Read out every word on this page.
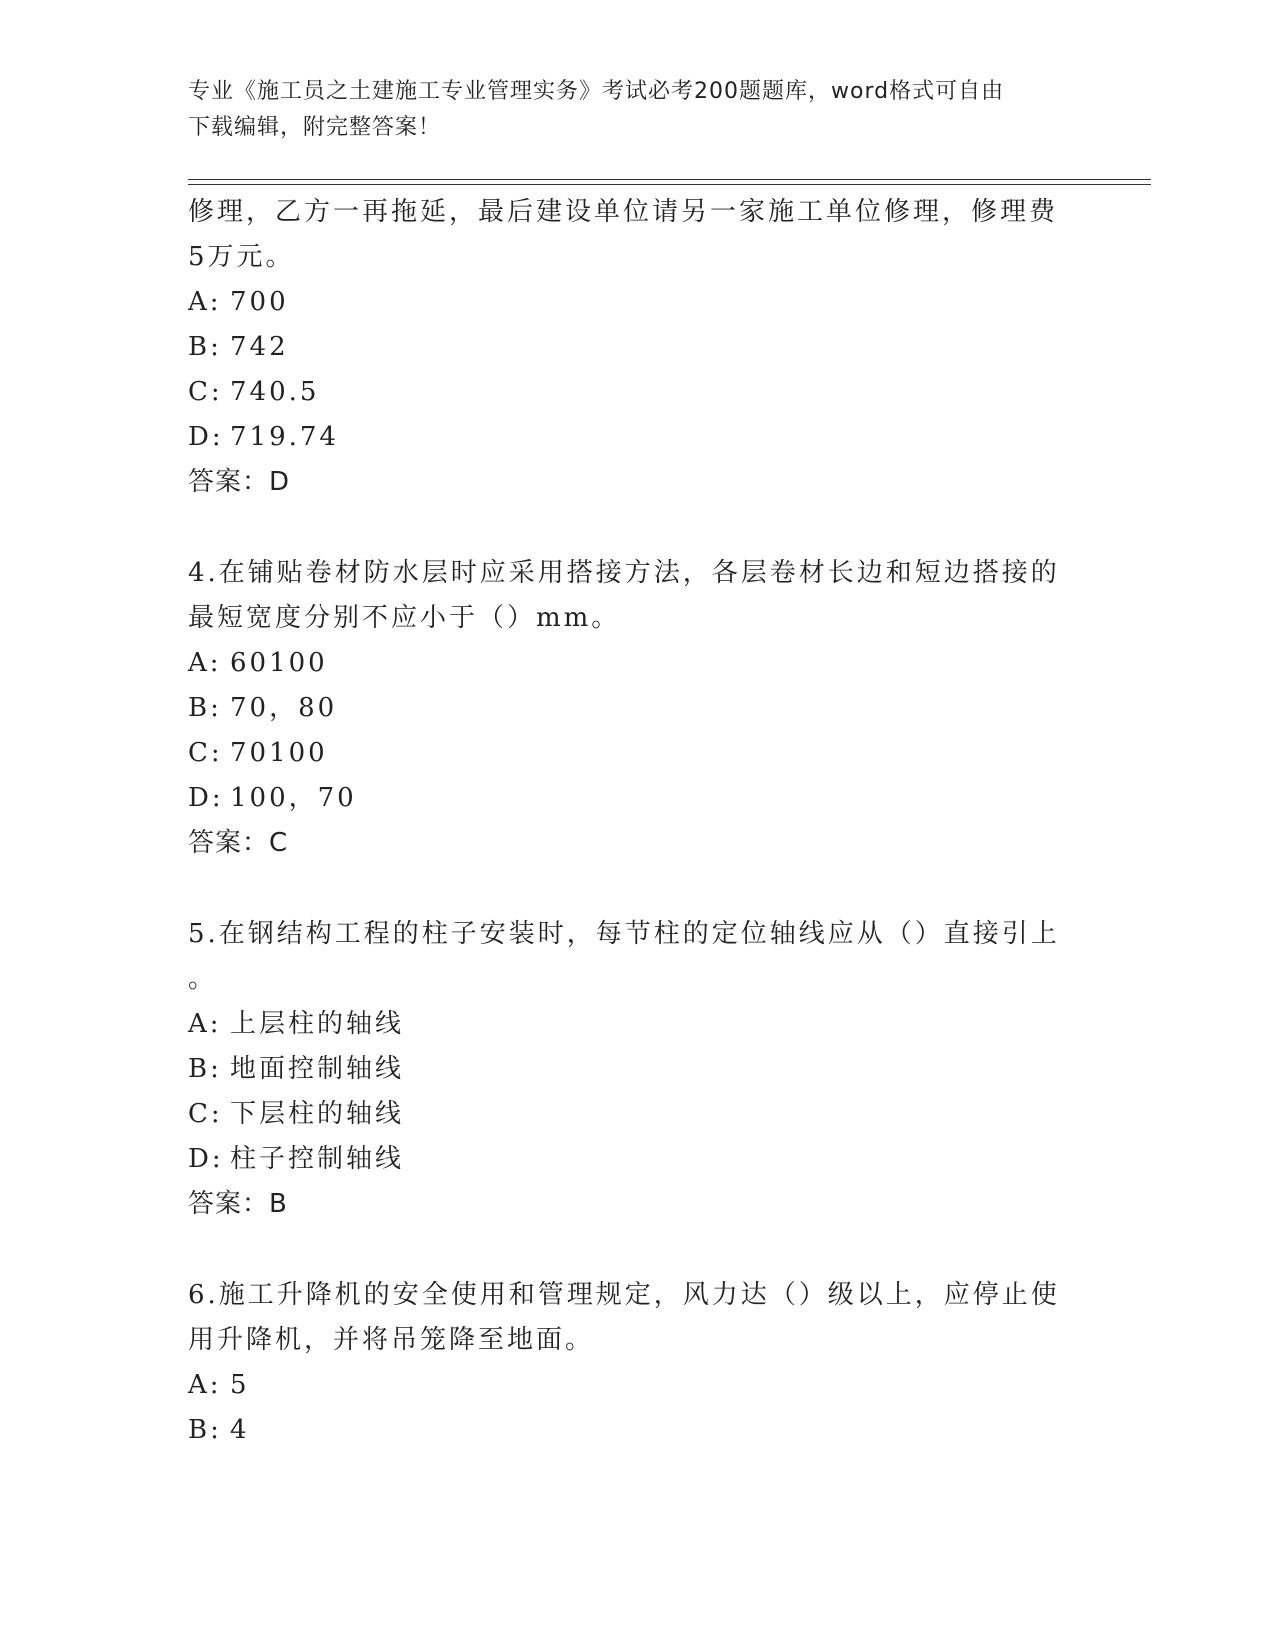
专业《施工员之土建施工专业管理实务》考试必考200题题库，word格式可自由
下载编辑，附完整答案！

修理，乙方一再拖延，最后建设单位请另一家施工单位修理，修理费
5万元。

A: 700

B: 742

C: 740.5

D: 719.74

答案：D

4.在铺贴卷材防水层时应采用搭接方法，各层卷材长边和短边搭接的
最短宽度分别不应小于（）mm。

A: 60100

B: 70，80

C: 70100

D: 100，70

答案：C

5.在钢结构工程的柱子安装时，每节柱的定位轴线应从（）直接引上
。

A: 上层柱的轴线

B: 地面控制轴线

C: 下层柱的轴线

D: 柱子控制轴线

答案：B

6.施工升降机的安全使用和管理规定，风力达（）级以上，应停止使
用升降机，并将吊笼降至地面。

A: 5

B: 4
